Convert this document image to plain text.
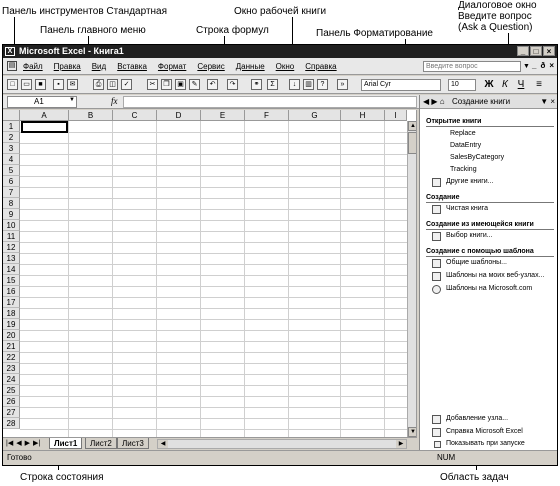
Панель инструментов Стандартная
Панель главного меню	Строка формул
Окно рабочей книги
Панель Форматирование
Диалоговое окно
Введите вопрос
(Ask a Question)
Строка состояния	Область задач
X Microsoft Excel - Книга1	_	□	×
▤ Файл Правка Вид Вставка Формат Сервис Данные Окно Справка	Введите вопрос	▼ _ ð ×
□	▭	■	▪	✉	⎙	◫	✓	✂	❐	▣	✎	↶	↷	⚭	Σ	↓	▥	?	»	Arial Cyr	10	Ж К Ч	≡
A1	▼	fx
A	B	C	D	E	F	G	H	I
1
2
3
4
5
6
7
8
9
10
11
12
13
14
15
16
17
18
19
20
21
22
23
24
25
26
27
28
▲
▼
|◀ ◀ ▶ ▶|	Лист1	Лист2	Лист3	◀	▶
Готово	NUM
◀ ▶ ⌂ Создание книги	▼ ×
Открытие книги
Replace
DataEntry
SalesByCategory
Tracking
Другие книги...
Создание
Чистая книга
Создание из имеющейся книги
Выбор книги...
Создание с помощью шаблона
Общие шаблоны...
Шаблоны на моих веб-узлах...
Шаблоны на Microsoft.com
Добавление узла...
Справка Microsoft Excel
Показывать при запуске
